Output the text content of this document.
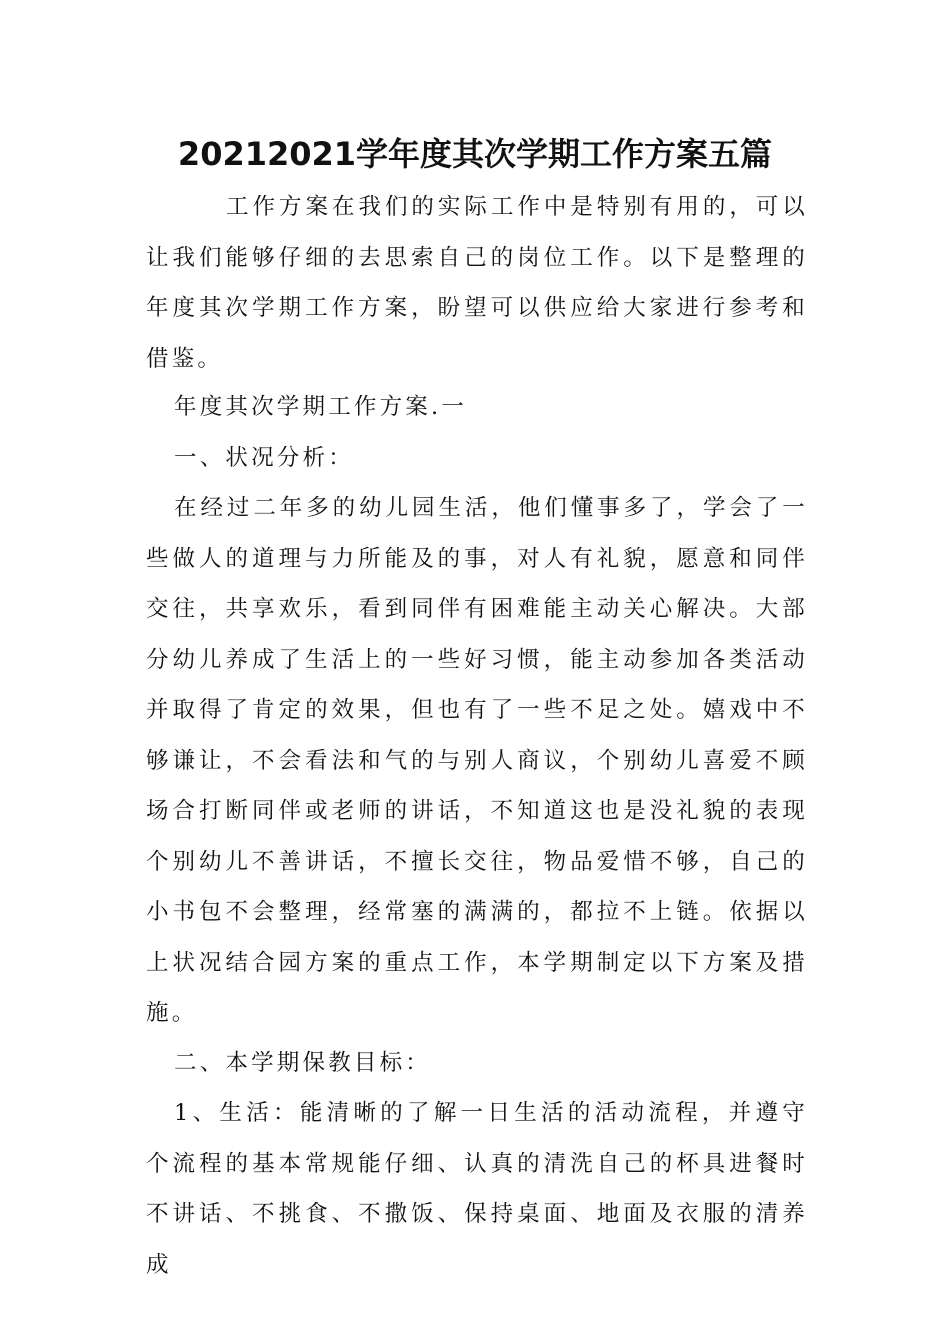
20212021学年度其次学期工作方案五篇

工作方案在我们的实际工作中是特别有用的，可以让我们能够仔细的去思索自己的岗位工作。以下是整理的年度其次学期工作方案，盼望可以供应给大家进行参考和借鉴。

年度其次学期工作方案.一

一、状况分析：

在经过二年多的幼儿园生活，他们懂事多了，学会了一些做人的道理与力所能及的事，对人有礼貌，愿意和同伴交往，共享欢乐，看到同伴有困难能主动关心解决。大部分幼儿养成了生活上的一些好习惯，能主动参加各类活动并取得了肯定的效果，但也有了一些不足之处。嬉戏中不够谦让，不会看法和气的与别人商议，个别幼儿喜爱不顾场合打断同伴或老师的讲话，不知道这也是没礼貌的表现个别幼儿不善讲话，不擅长交往，物品爱惜不够，自己的小书包不会整理，经常塞的满满的，都拉不上链。依据以上状况结合园方案的重点工作，本学期制定以下方案及措施。

二、本学期保教目标：

1、生活：能清晰的了解一日生活的活动流程，并遵守个流程的基本常规能仔细、认真的清洗自己的杯具进餐时不讲话、不挑食、不撒饭、保持桌面、地面及衣服的清养成
